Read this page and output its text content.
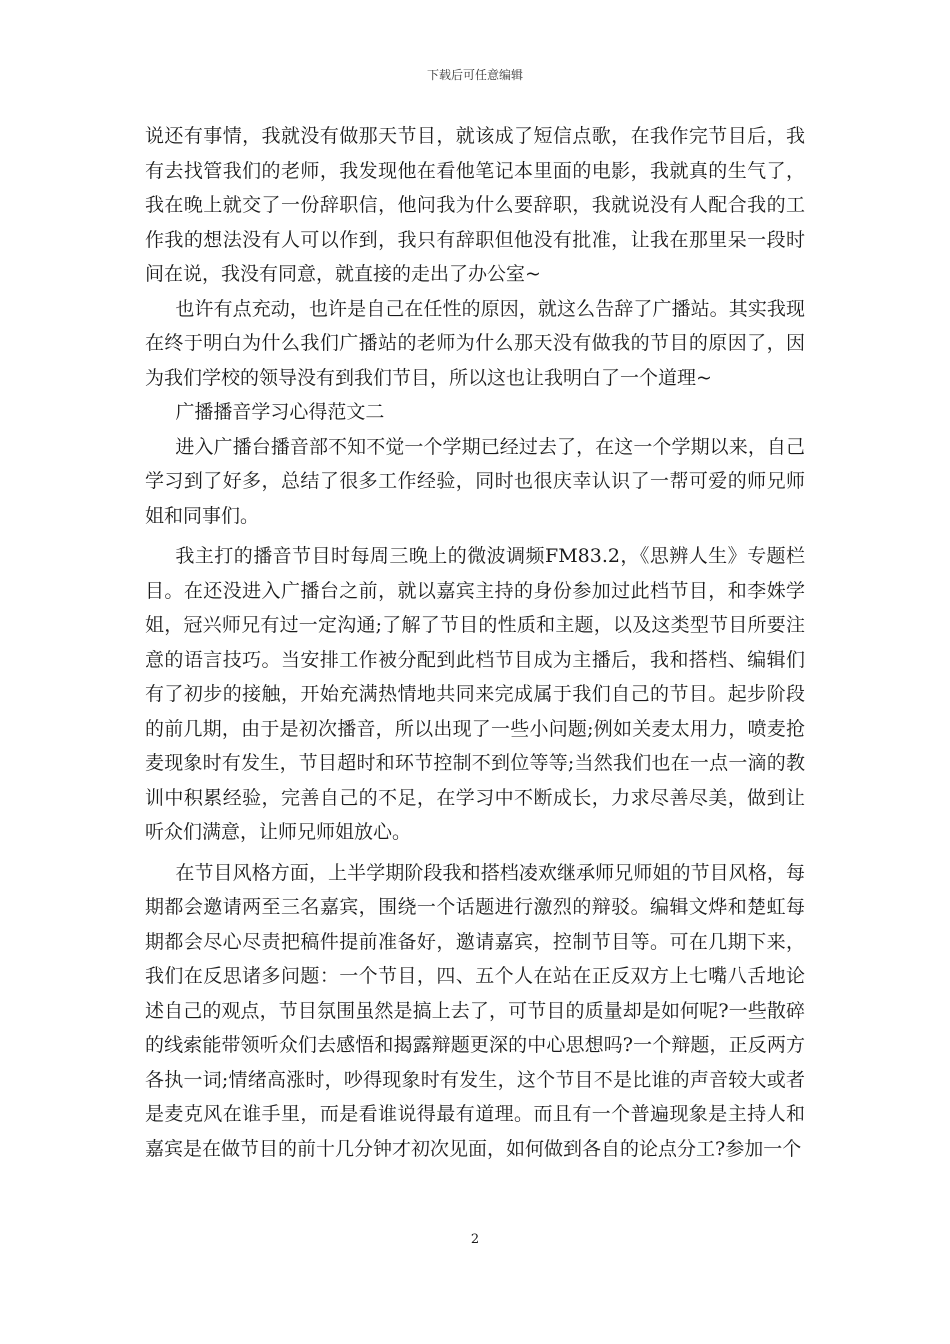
下载后可任意编辑

说还有事情，我就没有做那天节目，就该成了短信点歌，在我作完节目后，我有去找管我们的老师，我发现他在看他笔记本里面的电影，我就真的生气了，我在晚上就交了一份辞职信，他问我为什么要辞职，我就说没有人配合我的工作我的想法没有人可以作到，我只有辞职但他没有批准，让我在那里呆一段时间在说，我没有同意，就直接的走出了办公室~

也许有点充动，也许是自己在任性的原因，就这么告辞了广播站。其实我现在终于明白为什么我们广播站的老师为什么那天没有做我的节目的原因了，因为我们学校的领导没有到我们节目，所以这也让我明白了一个道理~

广播播音学习心得范文二

进入广播台播音部不知不觉一个学期已经过去了，在这一个学期以来，自己学习到了好多，总结了很多工作经验，同时也很庆幸认识了一帮可爱的师兄师姐和同事们。

我主打的播音节目时每周三晚上的微波调频FM83.2，《思辨人生》专题栏目。在还没进入广播台之前，就以嘉宾主持的身份参加过此档节目，和李姝学姐，冠兴师兄有过一定沟通;了解了节目的性质和主题，以及这类型节目所要注意的语言技巧。当安排工作被分配到此档节目成为主播后，我和搭档、编辑们有了初步的接触，开始充满热情地共同来完成属于我们自己的节目。起步阶段的前几期，由于是初次播音，所以出现了一些小问题;例如关麦太用力，喷麦抢麦现象时有发生，节目超时和环节控制不到位等等;当然我们也在一点一滴的教训中积累经验，完善自己的不足，在学习中不断成长，力求尽善尽美，做到让听众们满意，让师兄师姐放心。

在节目风格方面，上半学期阶段我和搭档凌欢继承师兄师姐的节目风格，每期都会邀请两至三名嘉宾，围绕一个话题进行激烈的辩驳。编辑文烨和楚虹每期都会尽心尽责把稿件提前准备好，邀请嘉宾，控制节目等。可在几期下来，我们在反思诸多问题：一个节目，四、五个人在站在正反双方上七嘴八舌地论述自己的观点，节目氛围虽然是搞上去了，可节目的质量却是如何呢?一些散碎的线索能带领听众们去感悟和揭露辩题更深的中心思想吗?一个辩题，正反两方各执一词;情绪高涨时，吵得现象时有发生，这个节目不是比谁的声音较大或者是麦克风在谁手里，而是看谁说得最有道理。而且有一个普遍现象是主持人和嘉宾是在做节目的前十几分钟才初次见面，如何做到各自的论点分工?参加一个

2
